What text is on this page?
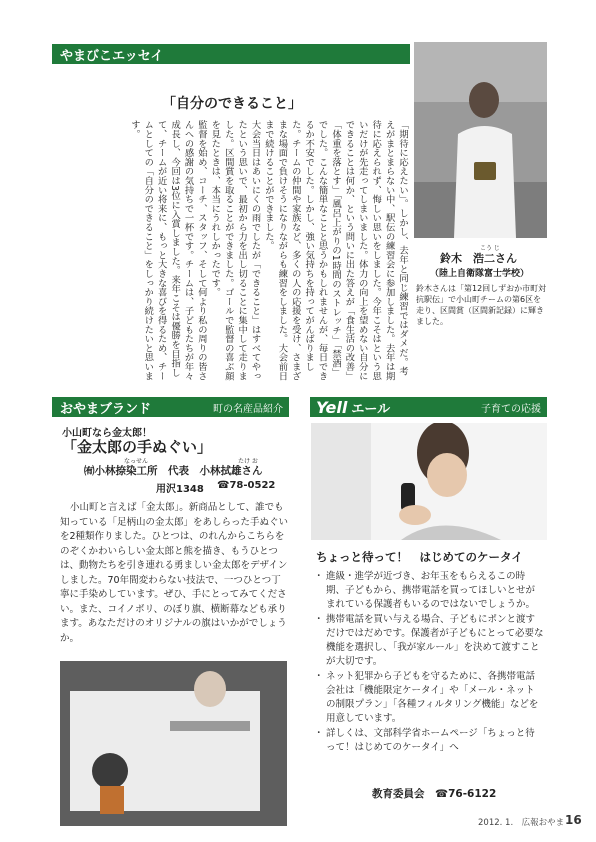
やまびこエッセイ
「自分のできること」
「期待に応えたい」。しかし、去年と同じ練習ではダメだ。考えがまとまらない中、駅伝の練習会に参加しました。去年は期待に応えられず、悔しい思いをしました。今年こそはという思いだけが先走ってしまいました。体力の向上を望めない自分にできることは何か、という問いに出た答えが「食生活の改善」「体重を落とす」「風呂上がりの1時間のストレッチ」「禁酒」でした。こんな簡単なことと思うかもしれませんが、毎日できるか不安でした。しかし、強い気持ちを持ってがんばりました。チームの仲間や家族など、多くの人の応援を受け、さまざまな場面で負けそうになりながらも練習をしました。大会前日まで続けることができました。
大会当日はあいにくの雨でしたが「できること」はすべてやったという思いで、最初から力を出し切ることに集中して走りました。区間賞を取ることができました。ゴールで監督の喜ぶ顔を見たときは、本当にうれしかったです。
監督を始め、コーチ、スタッフ、そして何より私の周りの皆さんへの感謝の気持ちで一杯です。チームは、子どもたちが年々成長し、今回は3位に入賞しました。来年こそは優勝を目指して、チームが近い将来に、もっと大きな喜びを得るため、チームとしての「自分のできること」をしっかり続けたいと思います。
こう じ
鈴木　浩二さん
（陸上自衛隊富士学校）
鈴木さんは「第12回しずおか市町対抗駅伝」で小山町チームの第6区を走り、区間賞（区間新記録）に輝きました。
おやまブランド	町の名産品紹介
小山町なら金太郎！
「金太郎の手ぬぐい」
なっせん	たけ お
㈲小林捺染工所　代表　小林拭雄さん
用沢1348 ☎78-0522
小山町と言えば「金太郎」。新商品として、誰でも知っている「足柄山の金太郎」をあしらった手ぬぐいを2種類作りました。ひとつは、のれんからこちらをのぞくかわいらしい金太郎と熊を描き、もうひとつは、動物たちを引き連れる勇ましい金太郎をデザインしました。70年間変わらない技法で、一つひとつ丁寧に手染めしています。ぜひ、手にとってみてください。また、コイノボリ、のぼり旗、横断幕なども承ります。あなただけのオリジナルの旗はいかがでしょうか。
Yell エール	子育ての応援
ちょっと待って！　はじめてのケータイ
・ 進級・進学が近づき、お年玉をもらえるこの時期、子どもから、携帯電話を買ってほしいとせがまれている保護者もいるのではないでしょうか。
・ 携帯電話を買い与える場合、子どもにポンと渡すだけではだめです。保護者が子どもにとって必要な機能を選択し、「我が家ルール」を決めて渡すことが大切です。
・ ネット犯罪から子どもを守るために、各携帯電話会社は「機能限定ケータイ」や「メール・ネットの制限プラン」「各種フィルタリング機能」などを用意しています。
・ 詳しくは、文部科学省ホームページ「ちょっと待って！はじめてのケータイ」へ
教育委員会　☎76-6122
2012. 1.　広報おやま 16
